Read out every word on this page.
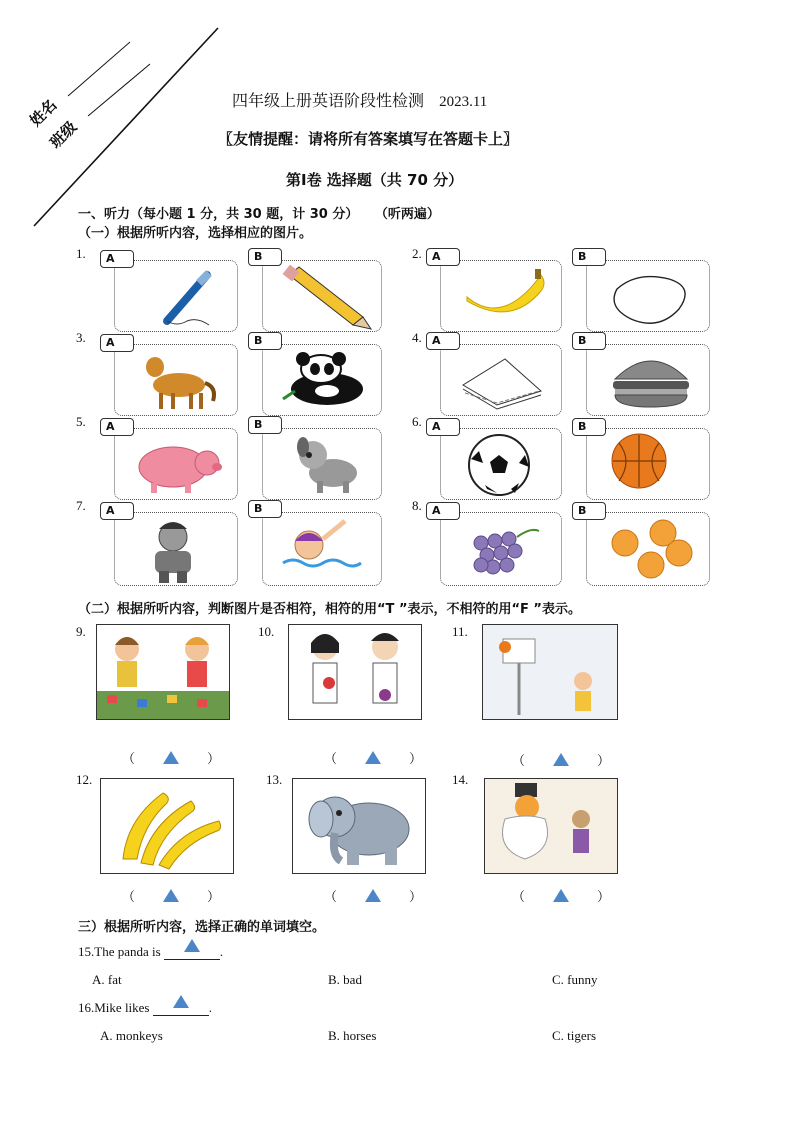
姓名
班级
四年级上册英语阶段性检测 2023.11
〖友情提醒：请将所有答案填写在答题卡上〗
第Ⅰ卷 选择题（共 70 分）
一、听力（每小题 1 分，共 30 题，计 30 分） （听两遍）
（一）根据所听内容，选择相应的图片。
1.	A	B	2. A	B
3.	A	B	4. A	B
5.	A	B	6. A	B
7.	A	B	8. A	B
（二）根据所听内容，判断图片是否相符，相符的用“T ”表示，不相符的用“F ”表示。
9.	10.	11.
（	）	（	）	（	）
12.	13.	14.
（	）	（	）	（	）
三）根据所听内容，选择正确的单词填空。
15.The panda is	.
A. fat	B. bad	C. funny
16.Mike likes	.
A. monkeys	B. horses	C. tigers
